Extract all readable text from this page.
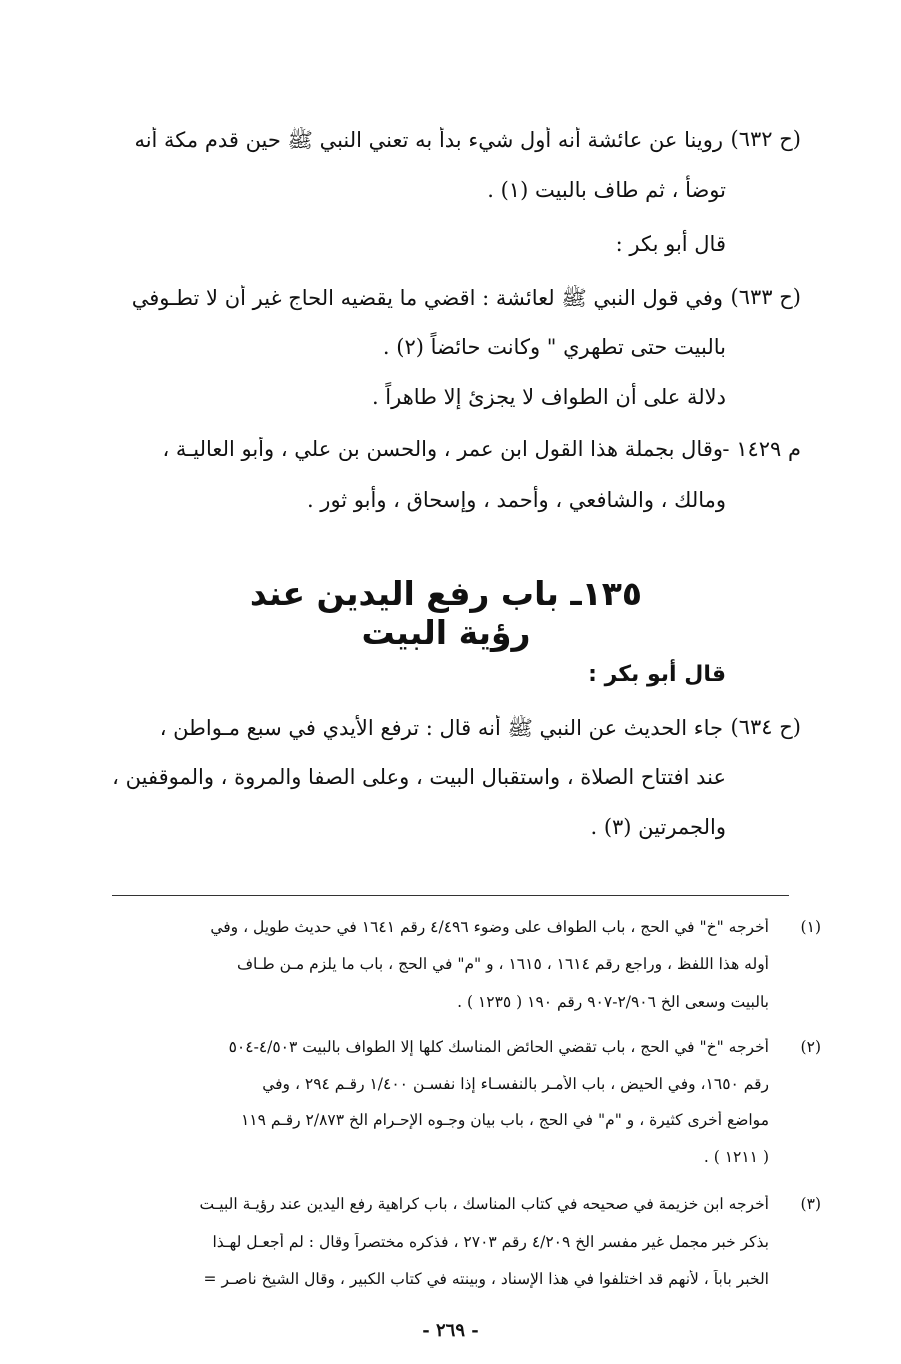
(ح ٦٣٢)
روينا عن عائشة أنه أول شيء بدأ به تعني النبي ﷺ حين قدم مكة أنه
توضأ ، ثم طاف بالبيت (١) .
قال أبو بكر :
(ح ٦٣٣)
وفي قول النبي ﷺ لعائشة : اقضي ما يقضيه الحاج غير أن لا تطـوفي
بالبيت حتى تطهري " وكانت حائضاً (٢) .
دلالة على أن الطواف لا يجزئ إلا طاهراً .
م ١٤٢٩ -
وقال بجملة هذا القول ابن عمر ، والحسن بن علي ، وأبو العاليـة ،
ومالك ، والشافعي ، وأحمد ، وإسحاق ، وأبو ثور .
١٣٥ـ باب رفع اليدين عند رؤية البيت
قال أبو بكر :
(ح ٦٣٤)
جاء الحديث عن النبي ﷺ أنه قال : ترفع الأيدي في سبع مـواطن ،
عند افتتاح الصلاة ، واستقبال البيت ، وعلى الصفا والمروة ، والموقفين ،
والجمرتين (٣) .
(١)
أخرجه "خ" في الحج ، باب الطواف على وضوء ٤/٤٩٦ رقم ١٦٤١ في حديث طويل ، وفي
أوله هذا اللفظ ، وراجع رقم ١٦١٤ ، ١٦١٥ ، و "م" في الحج ، باب ما يلزم مـن طـاف
بالبيت وسعى الخ ٢/٩٠٦-٩٠٧ رقم ١٩٠ ( ١٢٣٥ ) .
(٢)
أخرجه "خ" في الحج ، باب تقضي الحائض المناسك كلها إلا الطواف بالبيت ٤/٥٠٣-٥٠٤
رقم ١٦٥٠، وفي الحيض ، باب الأمـر بالنفسـاء إذا نفسـن ١/٤٠٠ رقـم ٢٩٤ ، وفي
مواضع أخرى كثيرة ، و "م" في الحج ، باب بيان وجـوه الإحـرام الخ ٢/٨٧٣ رقـم ١١٩
( ١٢١١ ) .
(٣)
أخرجه ابن خزيمة في صحيحه في كتاب المناسك ، باب كراهية رفع اليدين عند رؤيـة البيـت
بذكر خبر مجمل غير مفسر الخ ٤/٢٠٩ رقم ٢٧٠٣ ، فذكره مختصراً وقال : لم أجعـل لهـذا
الخبر باباً ، لأنهم قد اختلفوا في هذا الإسناد ، وبينته في كتاب الكبير ، وقال الشيخ ناصـر =
- ٢٦٩ -
